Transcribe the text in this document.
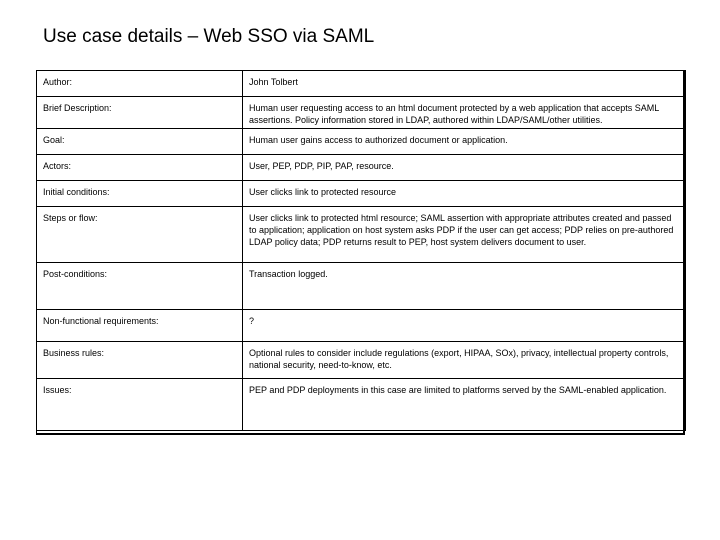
Use case details – Web SSO via SAML
Author:	John Tolbert
Brief Description:	Human user requesting access to an html document protected by a web application that accepts SAML assertions. Policy information stored in LDAP, authored within LDAP/SAML/other utilities.
Goal:	Human user gains access to authorized document or application.
Actors:	User, PEP, PDP, PIP, PAP, resource.
Initial conditions:	User clicks link to protected resource
Steps or flow:	User clicks link to protected html resource; SAML assertion with appropriate attributes created and passed to application; application on host system asks PDP if the user can get access; PDP relies on pre-authored LDAP policy data; PDP returns result to PEP, host system delivers document to user.
Post-conditions:	Transaction logged.
Non-functional requirements:	?
Business rules:	Optional rules to consider include regulations (export, HIPAA, SOx), privacy, intellectual property controls, national security, need-to-know, etc.
Issues:	PEP and PDP deployments in this case are limited to platforms served by the SAML-enabled application.
